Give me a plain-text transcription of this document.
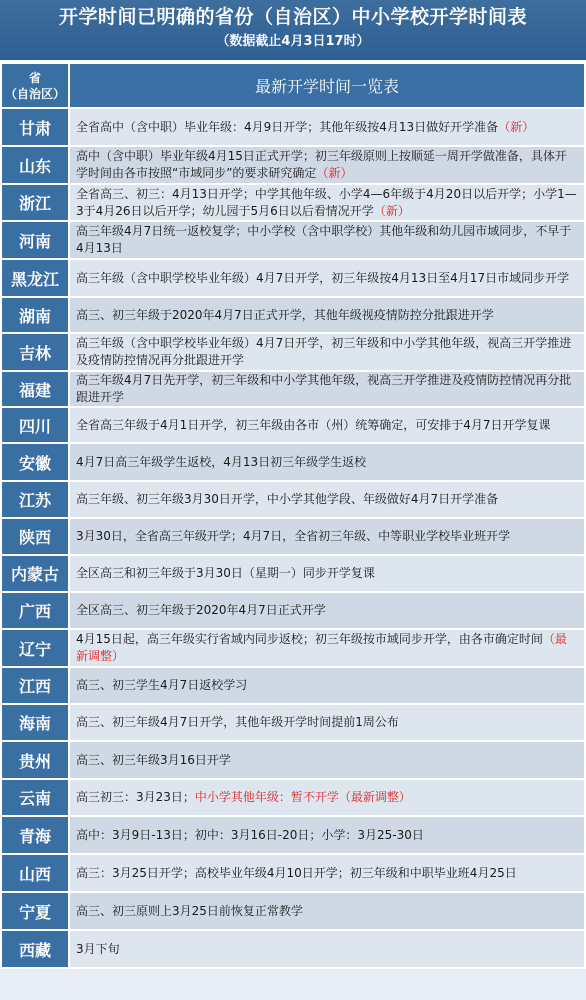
开学时间已明确的省份（自治区）中小学校开学时间表
（数据截止4月3日17时）
省
（自治区）	最新开学时间一览表
甘肃	全省高中（含中职）毕业年级：4月9日开学；其他年级按4月13日做好开学准备（新）
山东	高中（含中职）毕业年级4月15日正式开学；初三年级原则上按顺延一周开学做准备，具体开学时间由各市按照“市域同步”的要求研究确定（新）
浙江	全省高三、初三：4月13日开学；中学其他年级、小学4—6年级于4月20日以后开学；小学1—3于4月26日以后开学；幼儿园于5月6日以后看情况开学（新）
河南	高三年级4月7日统一返校复学；中小学校（含中职学校）其他年级和幼儿园市域同步，不早于4月13日
黑龙江	高三年级（含中职学校毕业年级）4月7日开学，初三年级按4月13日至4月17日市域同步开学
湖南	高三、初三年级于2020年4月7日正式开学，其他年级视疫情防控分批跟进开学
吉林	高三年级（含中职学校毕业年级）4月7日开学，初三年级和中小学其他年级，视高三开学推进及疫情防控情况再分批跟进开学
福建	高三年级4月7日先开学，初三年级和中小学其他年级，视高三开学推进及疫情防控情况再分批跟进开学
四川	全省高三年级于4月1日开学，初三年级由各市（州）统筹确定，可安排于4月7日开学复课
安徽	4月7日高三年级学生返校，4月13日初三年级学生返校
江苏	高三年级、初三年级3月30日开学，中小学其他学段、年级做好4月7日开学准备
陕西	3月30日，全省高三年级开学；4月7日，全省初三年级、中等职业学校毕业班开学
内蒙古	全区高三和初三年级于3月30日（星期一）同步开学复课
广西	全区高三、初三年级于2020年4月7日正式开学
辽宁	4月15日起，高三年级实行省域内同步返校；初三年级按市域同步开学，由各市确定时间（最新调整）
江西	高三、初三学生4月7日返校学习
海南	高三、初三年级4月7日开学，其他年级开学时间提前1周公布
贵州	高三、初三年级3月16日开学
云南	高三初三：3月23日；中小学其他年级：暂不开学（最新调整）
青海	高中：3月9日-13日；初中：3月16日-20日；小学：3月25-30日
山西	高三：3月25日开学；高校毕业年级4月10日开学；初三年级和中职毕业班4月25日
宁夏	高三、初三原则上3月25日前恢复正常教学
西藏	3月下旬
